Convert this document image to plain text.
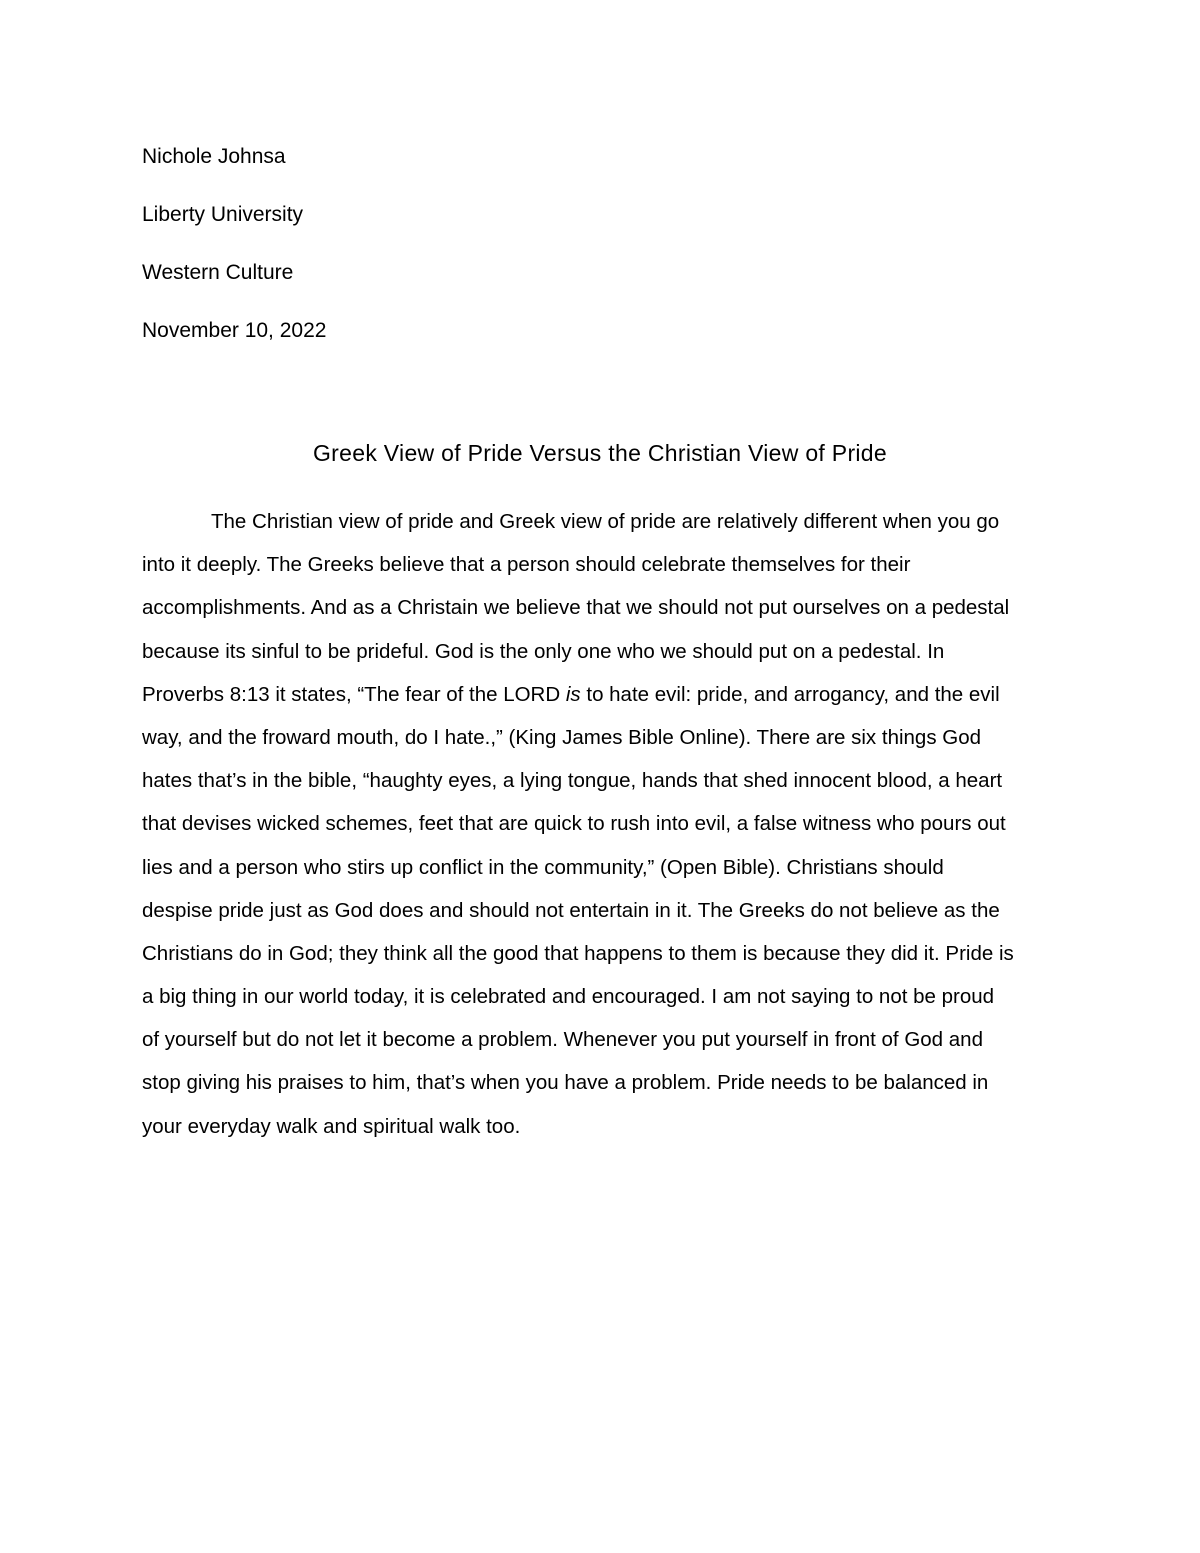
Nichole Johnsa
Liberty University
Western Culture
November 10, 2022
Greek View of Pride Versus the Christian View of Pride
The Christian view of pride and Greek view of pride are relatively different when you go
into it deeply. The Greeks believe that a person should celebrate themselves for their
accomplishments. And as a Christain we believe that we should not put ourselves on a pedestal
because its sinful to be prideful. God is the only one who we should put on a pedestal. In
Proverbs 8:13 it states, “The fear of the LORD is to hate evil: pride, and arrogancy, and the evil
way, and the froward mouth, do I hate.,” (King James Bible Online). There are six things God
hates that’s in the bible, “haughty eyes, a lying tongue, hands that shed innocent blood, a heart
that devises wicked schemes, feet that are quick to rush into evil, a false witness who pours out
lies and a person who stirs up conflict in the community,” (Open Bible). Christians should
despise pride just as God does and should not entertain in it. The Greeks do not believe as the
Christians do in God; they think all the good that happens to them is because they did it. Pride is
a big thing in our world today, it is celebrated and encouraged. I am not saying to not be proud
of yourself but do not let it become a problem. Whenever you put yourself in front of God and
stop giving his praises to him, that’s when you have a problem. Pride needs to be balanced in
your everyday walk and spiritual walk too.
